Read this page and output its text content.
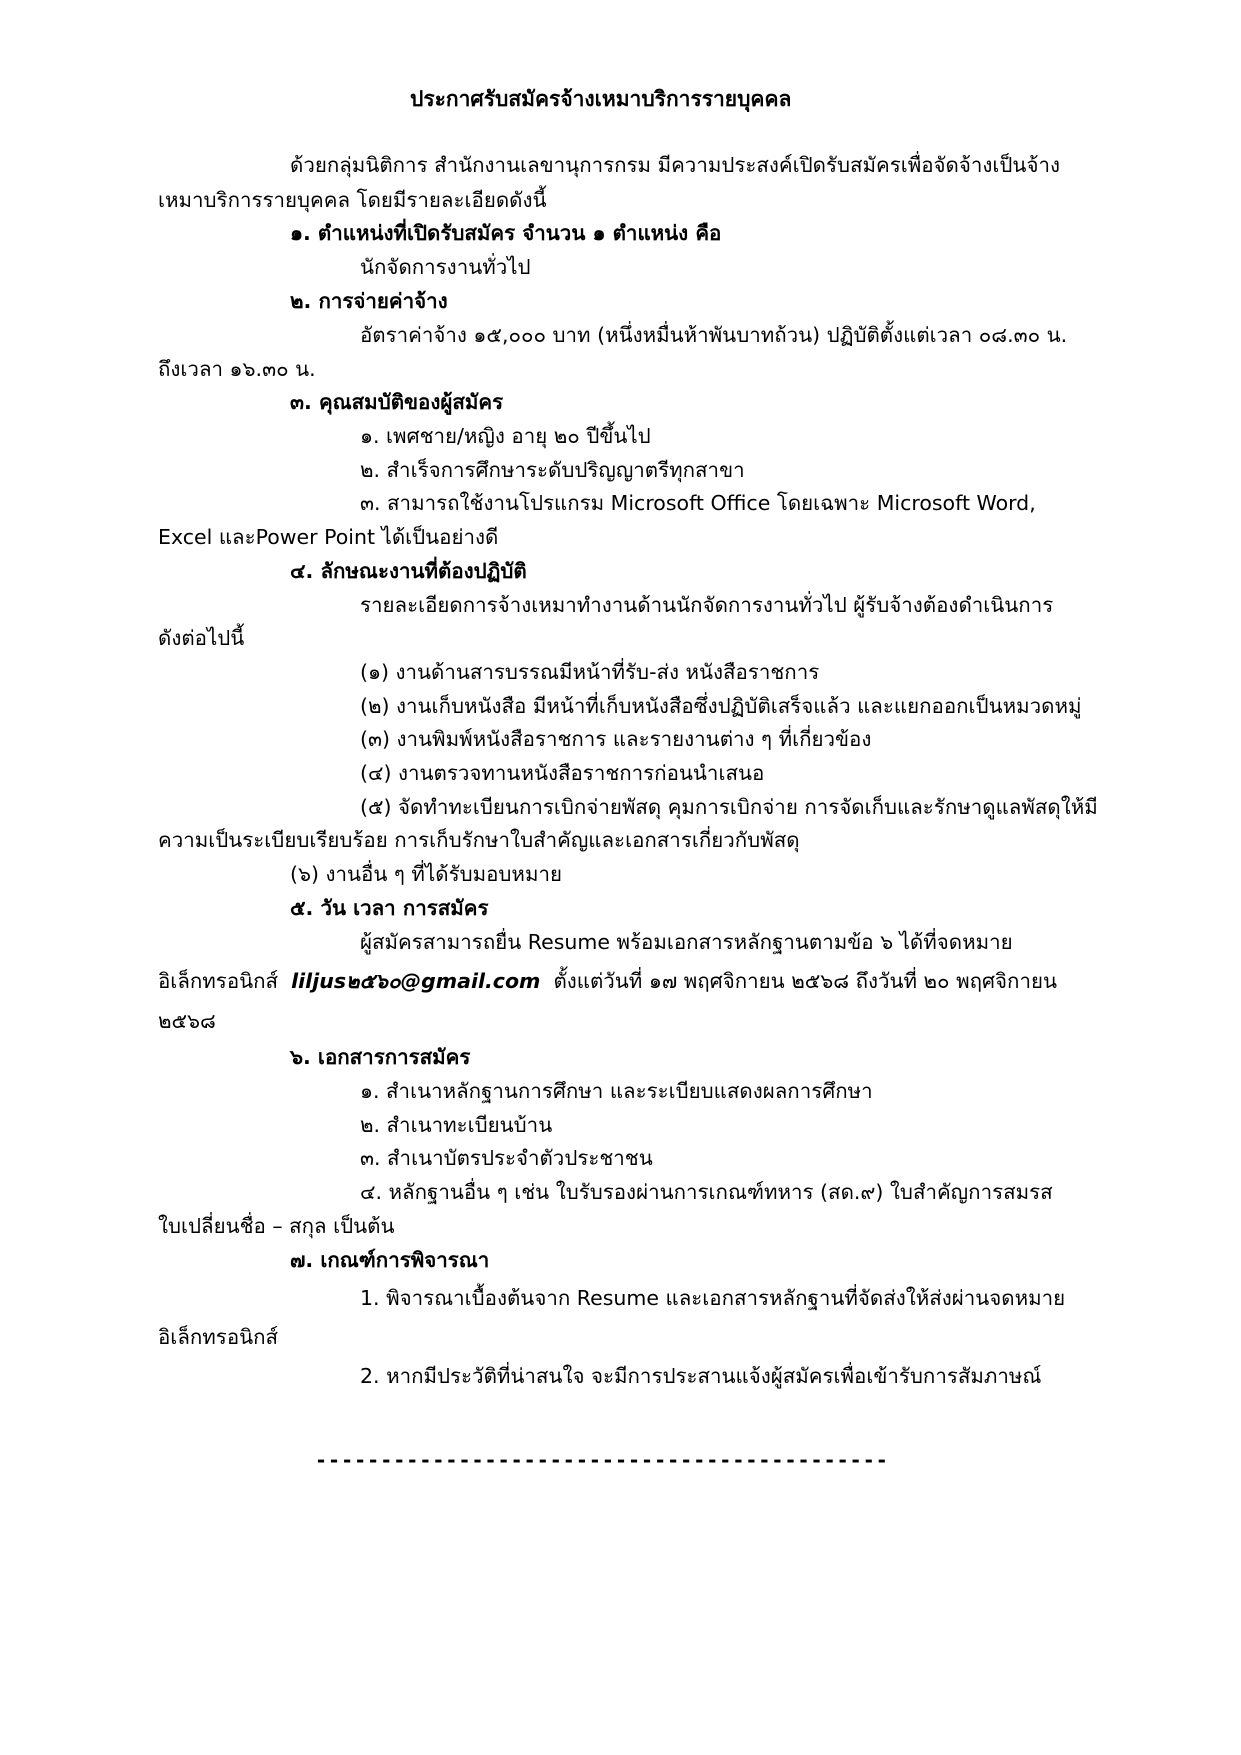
ประกาศรับสมัครจ้างเหมาบริการรายบุคคล
ด้วยกลุ่มนิติการ สำนักงานเลขานุการกรม มีความประสงค์เปิดรับสมัครเพื่อจัดจ้างเป็นจ้าง
เหมาบริการรายบุคคล โดยมีรายละเอียดดังนี้
๑. ตำแหน่งที่เปิดรับสมัคร จำนวน ๑ ตำแหน่ง คือ
นักจัดการงานทั่วไป
๒. การจ่ายค่าจ้าง
อัตราค่าจ้าง ๑๕,๐๐๐ บาท (หนึ่งหมื่นห้าพันบาทถ้วน) ปฏิบัติตั้งแต่เวลา ๐๘.๓๐ น.
ถึงเวลา ๑๖.๓๐ น.
๓. คุณสมบัติของผู้สมัคร
๑. เพศชาย/หญิง อายุ ๒๐ ปีขึ้นไป
๒. สำเร็จการศึกษาระดับปริญญาตรีทุกสาขา
๓. สามารถใช้งานโปรแกรม Microsoft Office โดยเฉพาะ Microsoft Word,
Excel และPower Point ได้เป็นอย่างดี
๔. ลักษณะงานที่ต้องปฏิบัติ
รายละเอียดการจ้างเหมาทำงานด้านนักจัดการงานทั่วไป ผู้รับจ้างต้องดำเนินการ
ดังต่อไปนี้
(๑) งานด้านสารบรรณมีหน้าที่รับ-ส่ง หนังสือราชการ
(๒) งานเก็บหนังสือ มีหน้าที่เก็บหนังสือซึ่งปฏิบัติเสร็จแล้ว และแยกออกเป็นหมวดหมู่
(๓) งานพิมพ์หนังสือราชการ และรายงานต่าง ๆ ที่เกี่ยวข้อง
(๔) งานตรวจทานหนังสือราชการก่อนนำเสนอ
(๕) จัดทำทะเบียนการเบิกจ่ายพัสดุ คุมการเบิกจ่าย การจัดเก็บและรักษาดูแลพัสดุให้มี
ความเป็นระเบียบเรียบร้อย การเก็บรักษาใบสำคัญและเอกสารเกี่ยวกับพัสดุ
(๖) งานอื่น ๆ ที่ได้รับมอบหมาย
๕. วัน เวลา การสมัคร
ผู้สมัครสามารถยื่น Resume พร้อมเอกสารหลักฐานตามข้อ ๖ ได้ที่จดหมาย
อิเล็กทรอนิกส์ liljus๒๕๖๐@gmail.com ตั้งแต่วันที่ ๑๗ พฤศจิกายน ๒๕๖๘ ถึงวันที่ ๒๐ พฤศจิกายน
๒๕๖๘
๖. เอกสารการสมัคร
๑. สำเนาหลักฐานการศึกษา และระเบียบแสดงผลการศึกษา
๒. สำเนาทะเบียนบ้าน
๓. สำเนาบัตรประจำตัวประชาชน
๔. หลักฐานอื่น ๆ เช่น ใบรับรองผ่านการเกณฑ์ทหาร (สด.๙) ใบสำคัญการสมรส
ใบเปลี่ยนชื่อ – สกุล เป็นต้น
๗. เกณฑ์การพิจารณา
1. พิจารณาเบื้องต้นจาก Resume และเอกสารหลักฐานที่จัดส่งให้ส่งผ่านจดหมาย
อิเล็กทรอนิกส์
2. หากมีประวัติที่น่าสนใจ จะมีการประสานแจ้งผู้สมัครเพื่อเข้ารับการสัมภาษณ์
--------------------------------------------
